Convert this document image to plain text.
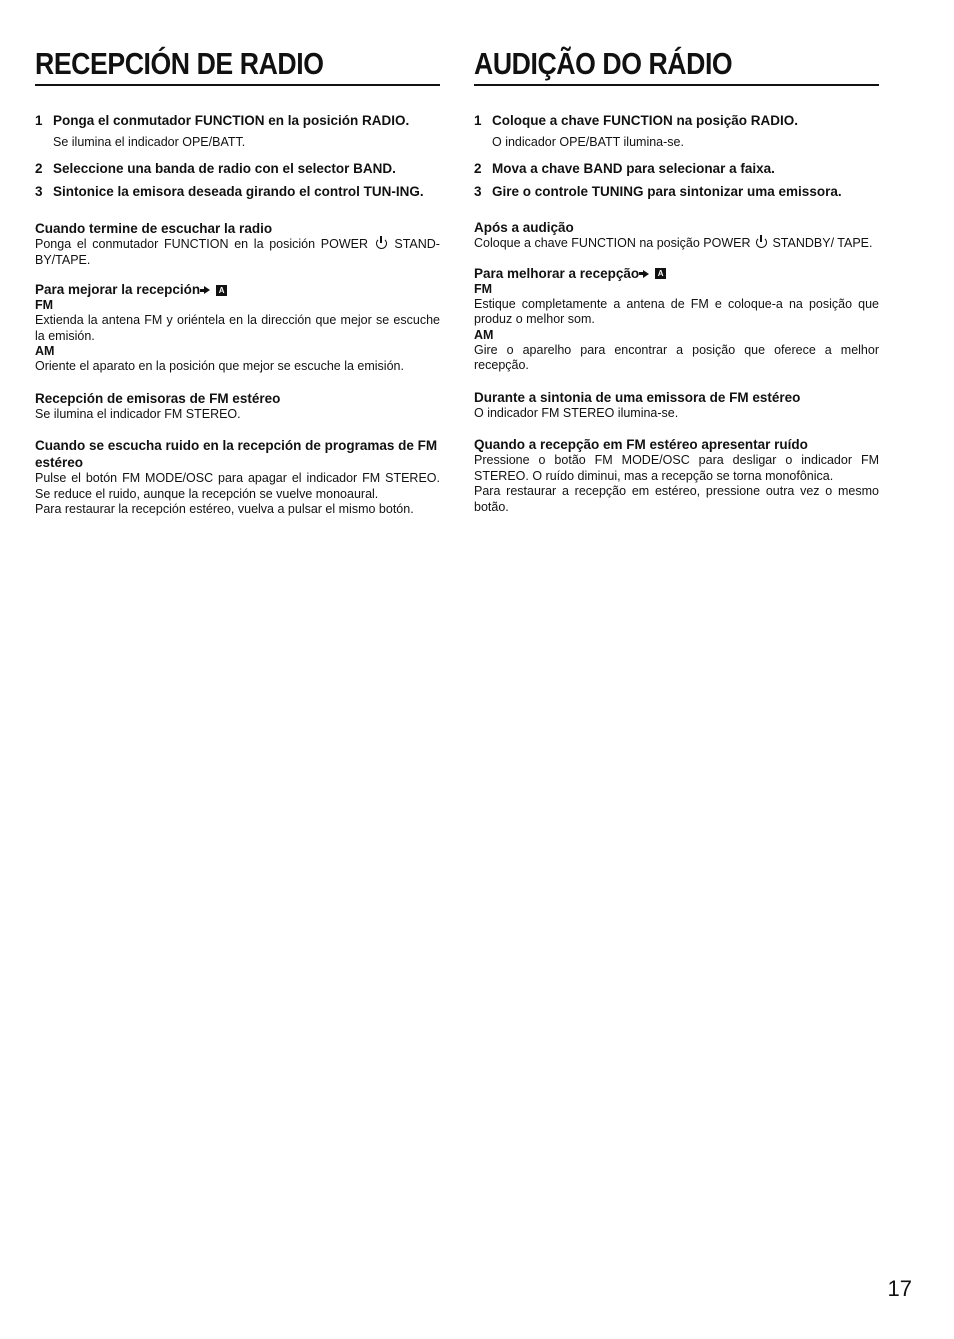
RECEPCIÓN DE RADIO
1 Ponga el conmutador FUNCTION en la posición RADIO.
Se ilumina el indicador OPE/BATT.
2 Seleccione una banda de radio con el selector BAND.
3 Sintonice la emisora deseada girando el control TUN-ING.
Cuando termine de escuchar la radio
Ponga el conmutador FUNCTION en la posición POWER STAND-BY/TAPE.
Para mejorar la recepción A
FM
Extienda la antena FM y oriéntela en la dirección que mejor se escuche la emisión.
AM
Oriente el aparato en la posición que mejor se escuche la emisión.
Recepción de emisoras de FM estéreo
Se ilumina el indicador FM STEREO.
Cuando se escucha ruido en la recepción de programas de FM estéreo
Pulse el botón FM MODE/OSC para apagar el indicador FM STEREO. Se reduce el ruido, aunque la recepción se vuelve monoaural.
Para restaurar la recepción estéreo, vuelva a pulsar el mismo botón.
AUDIÇÃO DO RÁDIO
1 Coloque a chave FUNCTION na posição RADIO.
O indicador OPE/BATT ilumina-se.
2 Mova a chave BAND para selecionar a faixa.
3 Gire o controle TUNING para sintonizar uma emissora.
Após a audição
Coloque a chave FUNCTION na posição POWER STANDBY/ TAPE.
Para melhorar a recepção A
FM
Estique completamente a antena de FM e coloque-a na posição que produz o melhor som.
AM
Gire o aparelho para encontrar a posição que oferece a melhor recepção.
Durante a sintonia de uma emissora de FM estéreo
O indicador FM STEREO ilumina-se.
Quando a recepção em FM estéreo apresentar ruído
Pressione o botão FM MODE/OSC para desligar o indicador FM STEREO. O ruído diminui, mas a recepção se torna monofônica.
Para restaurar a recepção em estéreo, pressione outra vez o mesmo botão.
17
